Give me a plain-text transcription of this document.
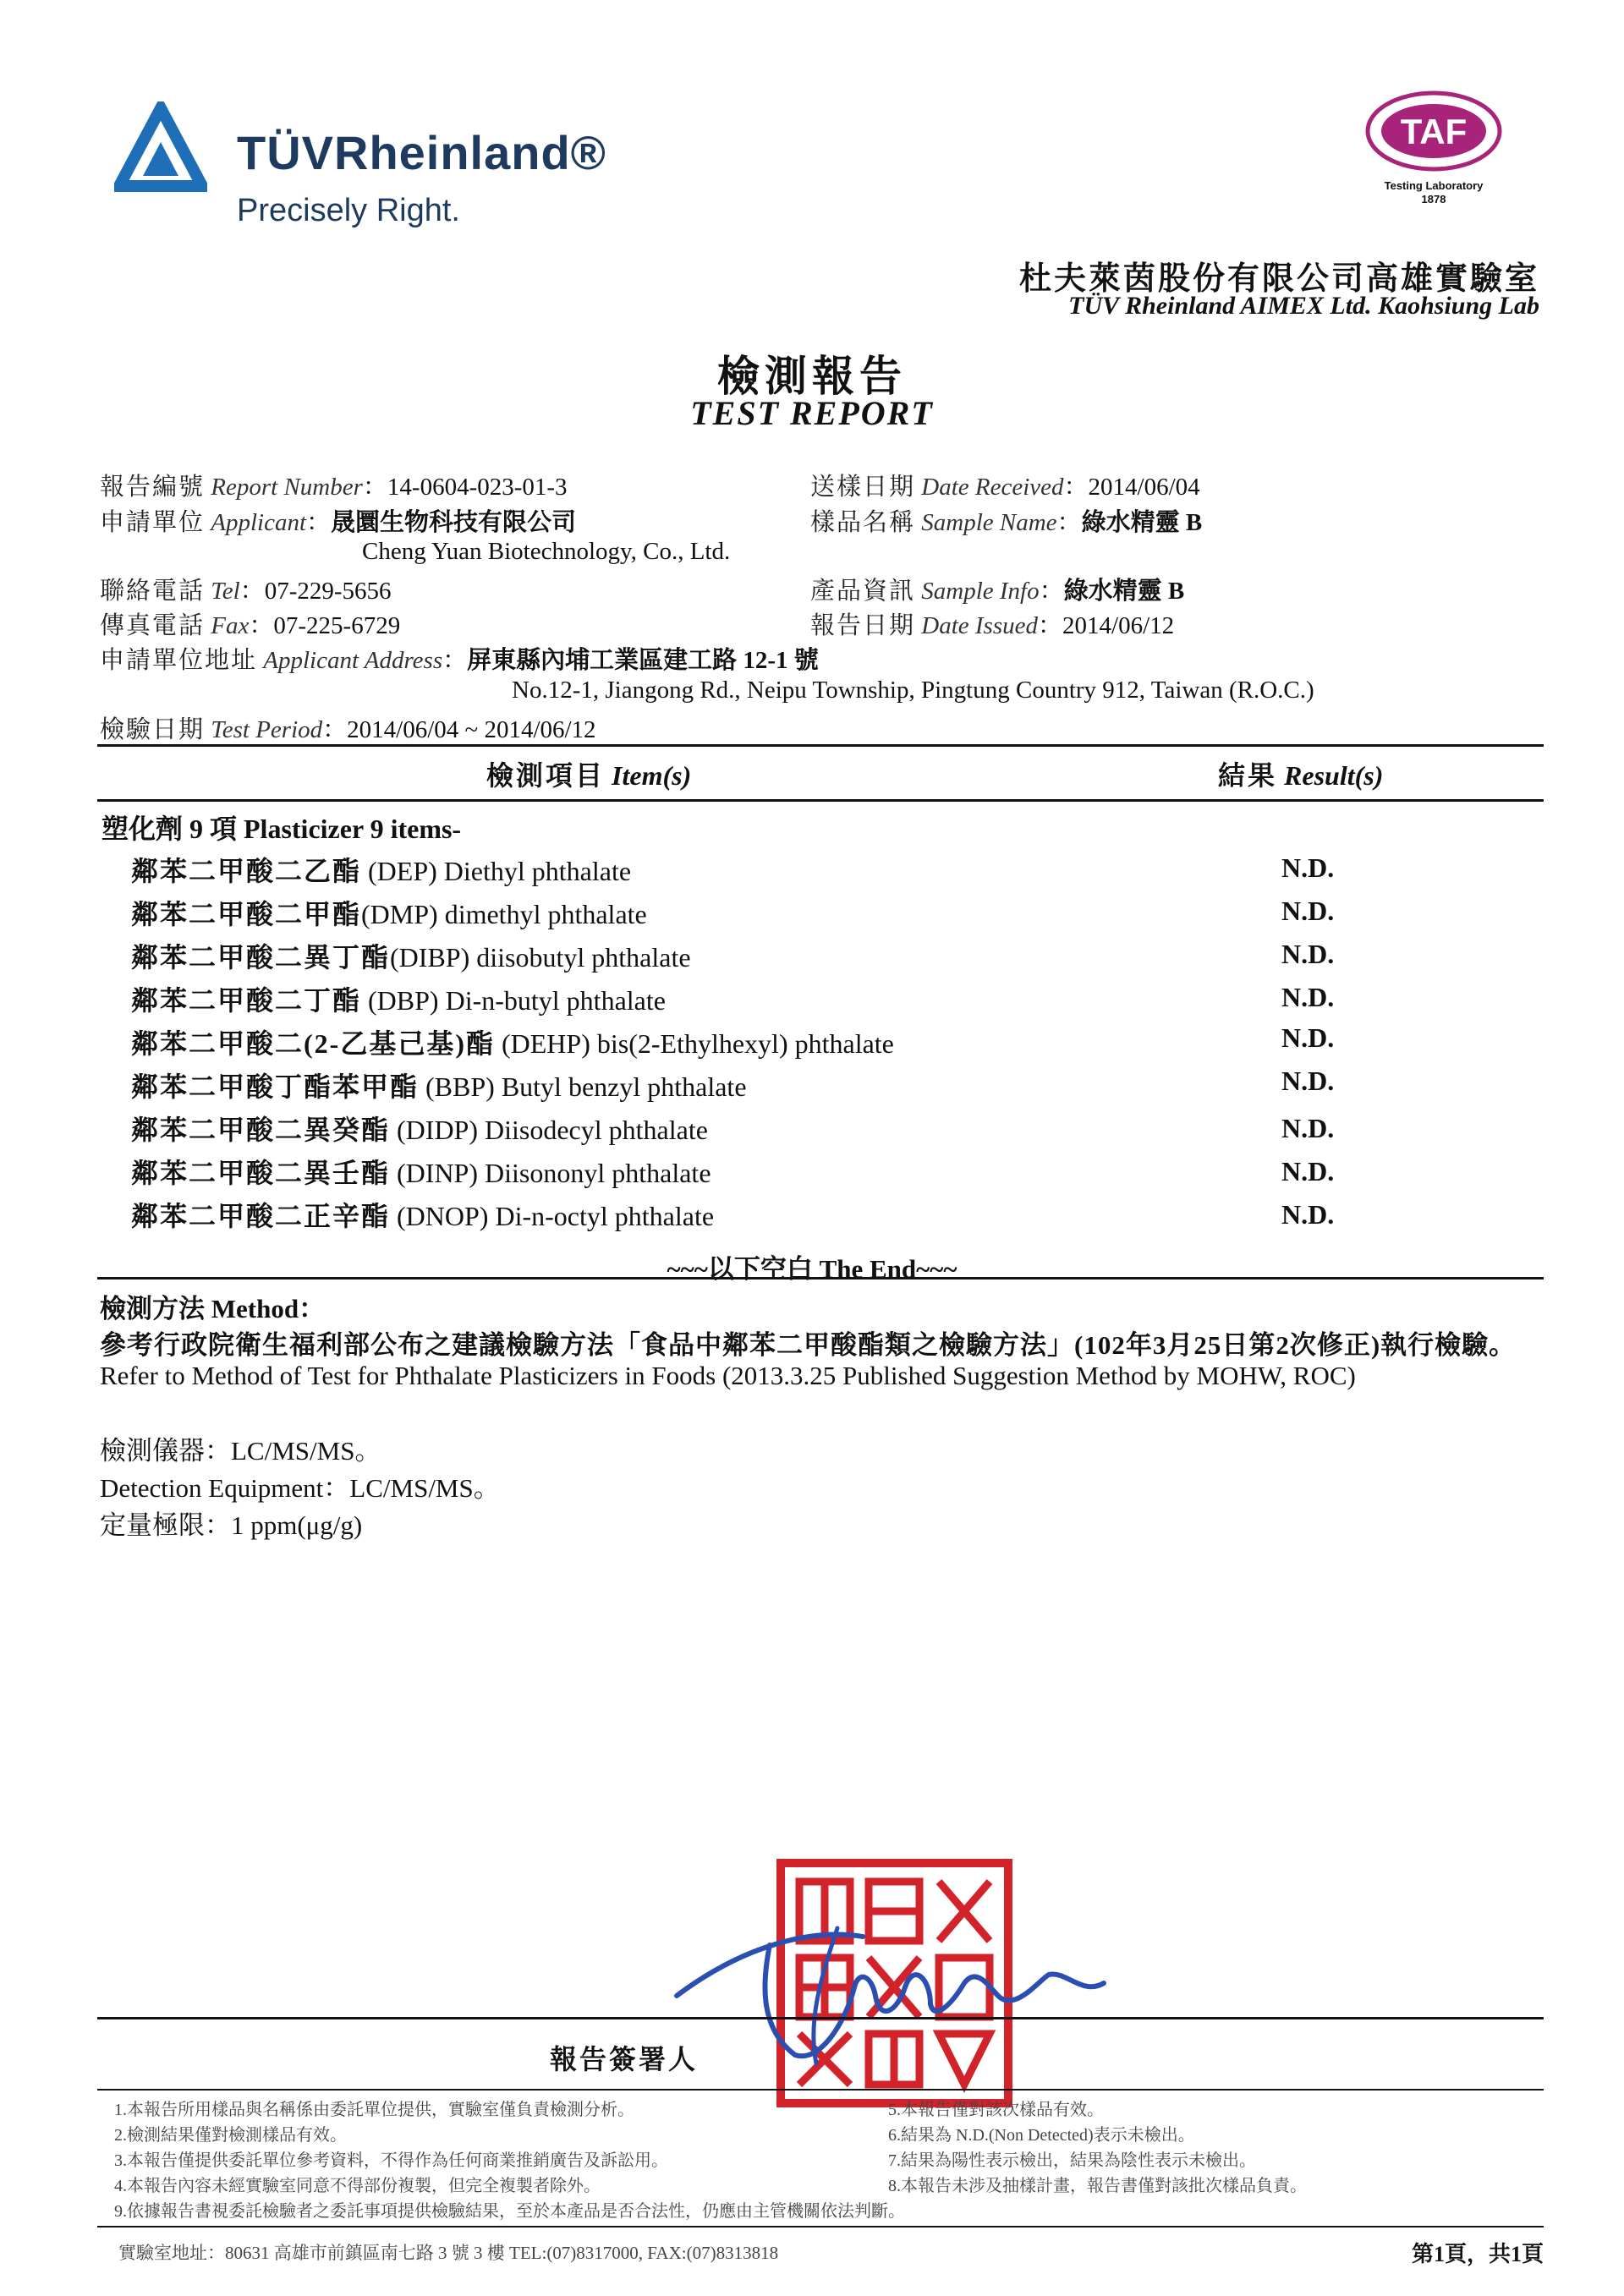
TÜVRheinland®
Precisely Right.
TAF
Testing Laboratory
1878
杜夫萊茵股份有限公司高雄實驗室
TÜV Rheinland AIMEX Ltd. Kaohsiung Lab
檢測報告
TEST REPORT
報告編號 Report Number：14-0604-023-01-3	送樣日期 Date Received：2014/06/04
申請單位 Applicant：晟圜生物科技有限公司	樣品名稱 Sample Name：綠水精靈 B
Cheng Yuan Biotechnology, Co., Ltd.
聯絡電話 Tel：07-229-5656	產品資訊 Sample Info：綠水精靈 B
傳真電話 Fax：07-225-6729	報告日期 Date Issued：2014/06/12
申請單位地址 Applicant Address：屏東縣內埔工業區建工路 12-1 號
No.12-1, Jiangong Rd., Neipu Township, Pingtung Country 912, Taiwan (R.O.C.)
檢驗日期 Test Period：2014/06/04 ~ 2014/06/12
檢測項目 Item(s)	結果 Result(s)
塑化劑 9 項 Plasticizer 9 items-
鄰苯二甲酸二乙酯 (DEP) Diethyl phthalate	N.D.
鄰苯二甲酸二甲酯(DMP) dimethyl phthalate	N.D.
鄰苯二甲酸二異丁酯(DIBP) diisobutyl phthalate	N.D.
鄰苯二甲酸二丁酯 (DBP) Di-n-butyl phthalate	N.D.
鄰苯二甲酸二(2-乙基己基)酯 (DEHP) bis(2-Ethylhexyl) phthalate	N.D.
鄰苯二甲酸丁酯苯甲酯 (BBP) Butyl benzyl phthalate	N.D.
鄰苯二甲酸二異癸酯 (DIDP) Diisodecyl phthalate	N.D.
鄰苯二甲酸二異壬酯 (DINP) Diisononyl phthalate	N.D.
鄰苯二甲酸二正辛酯 (DNOP) Di-n-octyl phthalate	N.D.
~~~以下空白 The End~~~
檢測方法 Method：
參考行政院衛生福利部公布之建議檢驗方法「食品中鄰苯二甲酸酯類之檢驗方法」(102年3月25日第2次修正)執行檢驗。
Refer to Method of Test for Phthalate Plasticizers in Foods (2013.3.25 Published Suggestion Method by MOHW, ROC)
檢測儀器：LC/MS/MS。
Detection Equipment：LC/MS/MS。
定量極限：1 ppm(μg/g)
報告簽署人
1.本報告所用樣品與名稱係由委託單位提供，實驗室僅負責檢測分析。
2.檢測結果僅對檢測樣品有效。
3.本報告僅提供委託單位參考資料，不得作為任何商業推銷廣告及訴訟用。
4.本報告內容未經實驗室同意不得部份複製，但完全複製者除外。
9.依據報告書視委託檢驗者之委託事項提供檢驗結果，至於本產品是否合法性，仍應由主管機關依法判斷。
5.本報告僅對該次樣品有效。
6.結果為 N.D.(Non Detected)表示未檢出。
7.結果為陽性表示檢出，結果為陰性表示未檢出。
8.本報告未涉及抽樣計畫，報告書僅對該批次樣品負責。
實驗室地址：80631 高雄市前鎮區南七路 3 號 3 樓 TEL:(07)8317000, FAX:(07)8313818	第1頁，共1頁
